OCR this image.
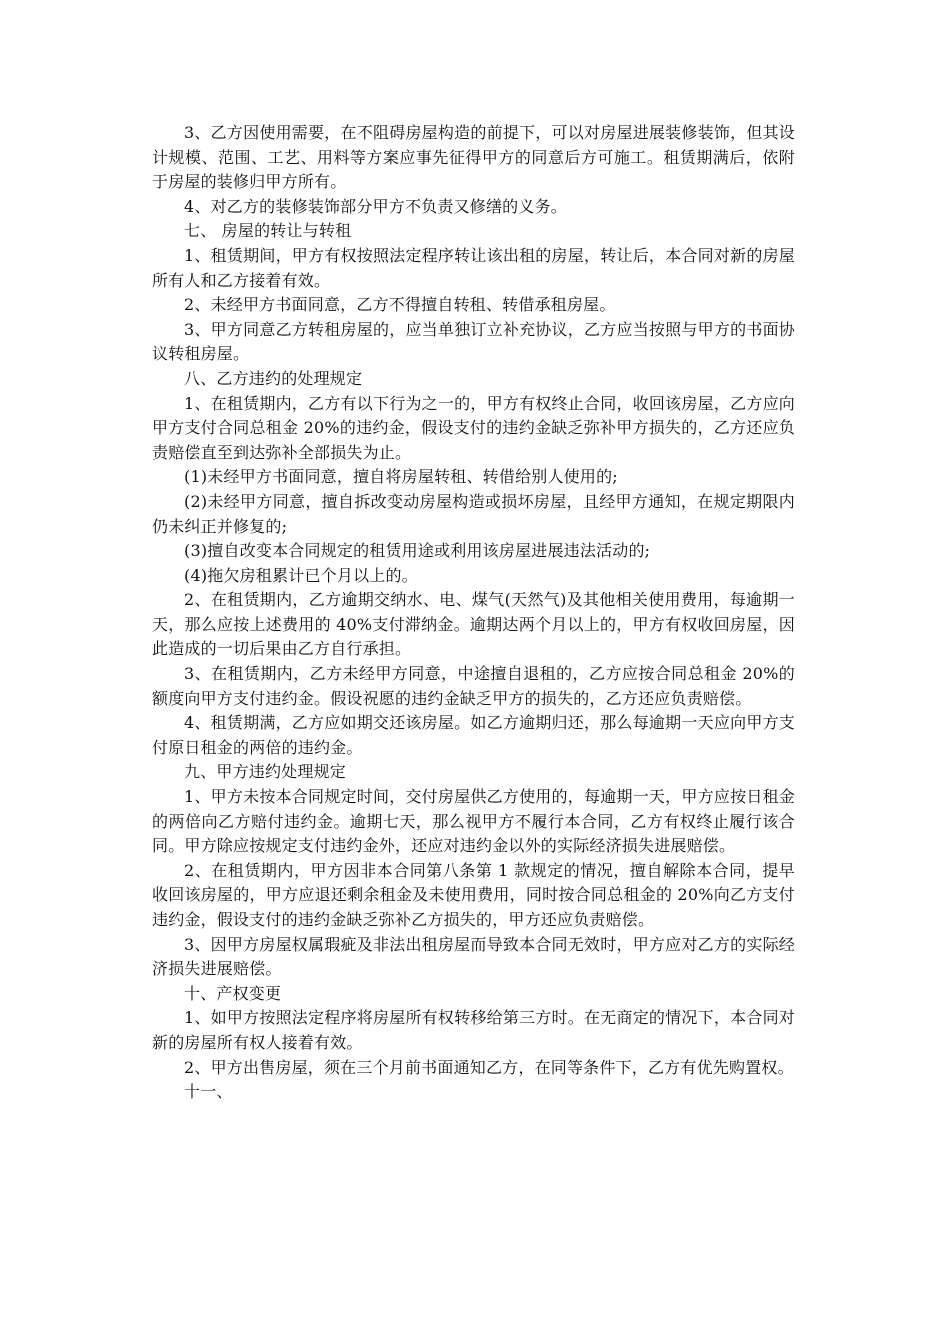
3、乙方因使用需要，在不阻碍房屋构造的前提下，可以对房屋进展装修装饰，但其设计规模、范围、工艺、用料等方案应事先征得甲方的同意后方可施工。租赁期满后，依附于房屋的装修归甲方所有。

4、对乙方的装修装饰部分甲方不负责又修缮的义务。

七、 房屋的转让与转租

1、租赁期间，甲方有权按照法定程序转让该出租的房屋，转让后，本合同对新的房屋所有人和乙方接着有效。

2、未经甲方书面同意，乙方不得擅自转租、转借承租房屋。

3、甲方同意乙方转租房屋的，应当单独订立补充协议，乙方应当按照与甲方的书面协议转租房屋。

八、乙方违约的处理规定

1、在租赁期内，乙方有以下行为之一的，甲方有权终止合同，收回该房屋，乙方应向甲方支付合同总租金 20%的违约金，假设支付的违约金缺乏弥补甲方损失的，乙方还应负责赔偿直至到达弥补全部损失为止。

(1)未经甲方书面同意，擅自将房屋转租、转借给别人使用的;

(2)未经甲方同意，擅自拆改变动房屋构造或损坏房屋，且经甲方通知，在规定期限内仍未纠正并修复的;

(3)擅自改变本合同规定的租赁用途或利用该房屋进展违法活动的;

(4)拖欠房租累计已个月以上的。

2、在租赁期内，乙方逾期交纳水、电、煤气(天然气)及其他相关使用费用，每逾期一天，那么应按上述费用的 40%支付滞纳金。逾期达两个月以上的，甲方有权收回房屋，因此造成的一切后果由乙方自行承担。

3、在租赁期内，乙方未经甲方同意，中途擅自退租的，乙方应按合同总租金 20%的额度向甲方支付违约金。假设祝愿的违约金缺乏甲方的损失的，乙方还应负责赔偿。

4、租赁期满，乙方应如期交还该房屋。如乙方逾期归还，那么每逾期一天应向甲方支付原日租金的两倍的违约金。

九、甲方违约处理规定

1、甲方未按本合同规定时间，交付房屋供乙方使用的，每逾期一天，甲方应按日租金的两倍向乙方赔付违约金。逾期七天，那么视甲方不履行本合同，乙方有权终止履行该合同。甲方除应按规定支付违约金外，还应对违约金以外的实际经济损失进展赔偿。

2、在租赁期内，甲方因非本合同第八条第 1 款规定的情况，擅自解除本合同，提早收回该房屋的，甲方应退还剩余租金及未使用费用，同时按合同总租金的 20%向乙方支付违约金，假设支付的违约金缺乏弥补乙方损失的，甲方还应负责赔偿。

3、因甲方房屋权属瑕疵及非法出租房屋而导致本合同无效时，甲方应对乙方的实际经济损失进展赔偿。

十、产权变更

1、如甲方按照法定程序将房屋所有权转移给第三方时。在无商定的情况下，本合同对新的房屋所有权人接着有效。

2、甲方出售房屋，须在三个月前书面通知乙方，在同等条件下，乙方有优先购置权。

十一、
